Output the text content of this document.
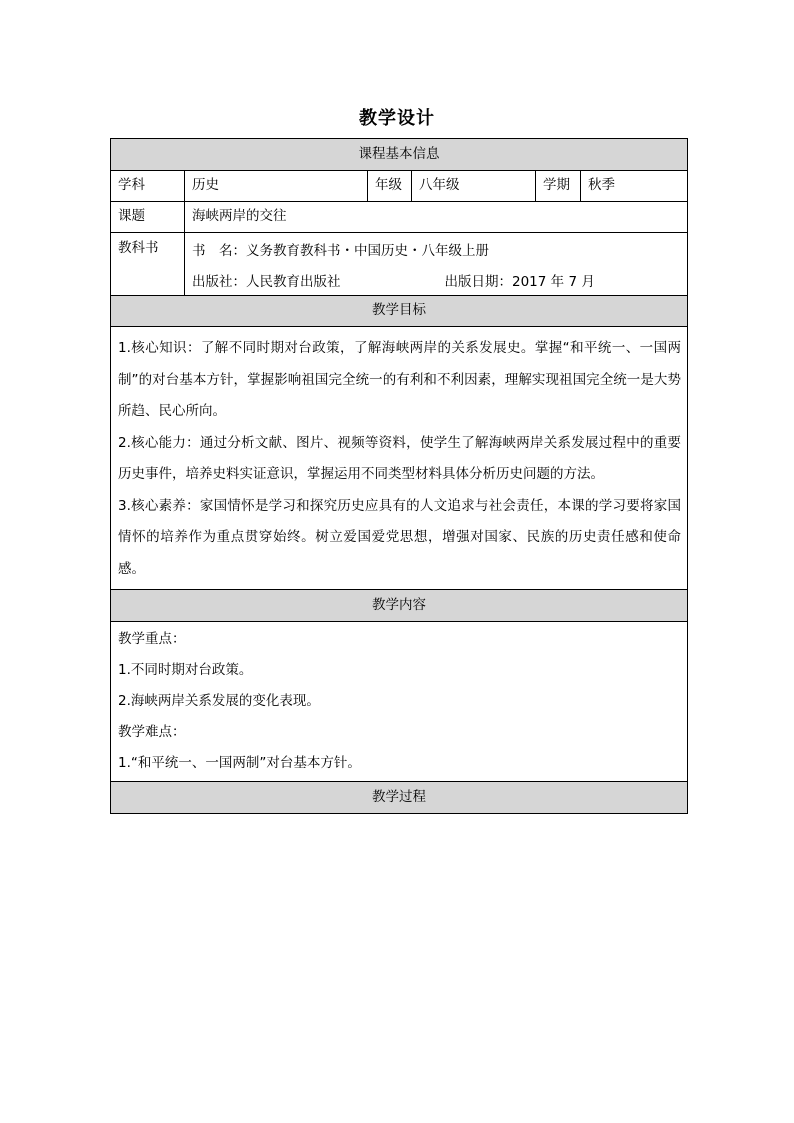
教学设计
课程基本信息
学科	历史	年级	八年级	学期	秋季
课题	海峡两岸的交往
教科书	书　名：义务教育教科书・中国历史・八年级上册
出版社：人民教育出版社	出版日期：2017 年 7 月
教学目标
1.核心知识：了解不同时期对台政策，了解海峡两岸的关系发展史。掌握“和平统一、一国两制”的对台基本方针，掌握影响祖国完全统一的有利和不利因素，理解实现祖国完全统一是大势所趋、民心所向。
2.核心能力：通过分析文献、图片、视频等资料，使学生了解海峡两岸关系发展过程中的重要历史事件，培养史料实证意识，掌握运用不同类型材料具体分析历史问题的方法。
3.核心素养：家国情怀是学习和探究历史应具有的人文追求与社会责任，本课的学习要将家国情怀的培养作为重点贯穿始终。树立爱国爱党思想，增强对国家、民族的历史责任感和使命感。
教学内容
教学重点：
1.不同时期对台政策。
2.海峡两岸关系发展的变化表现。
教学难点：
1.“和平统一、一国两制”对台基本方针。
教学过程
